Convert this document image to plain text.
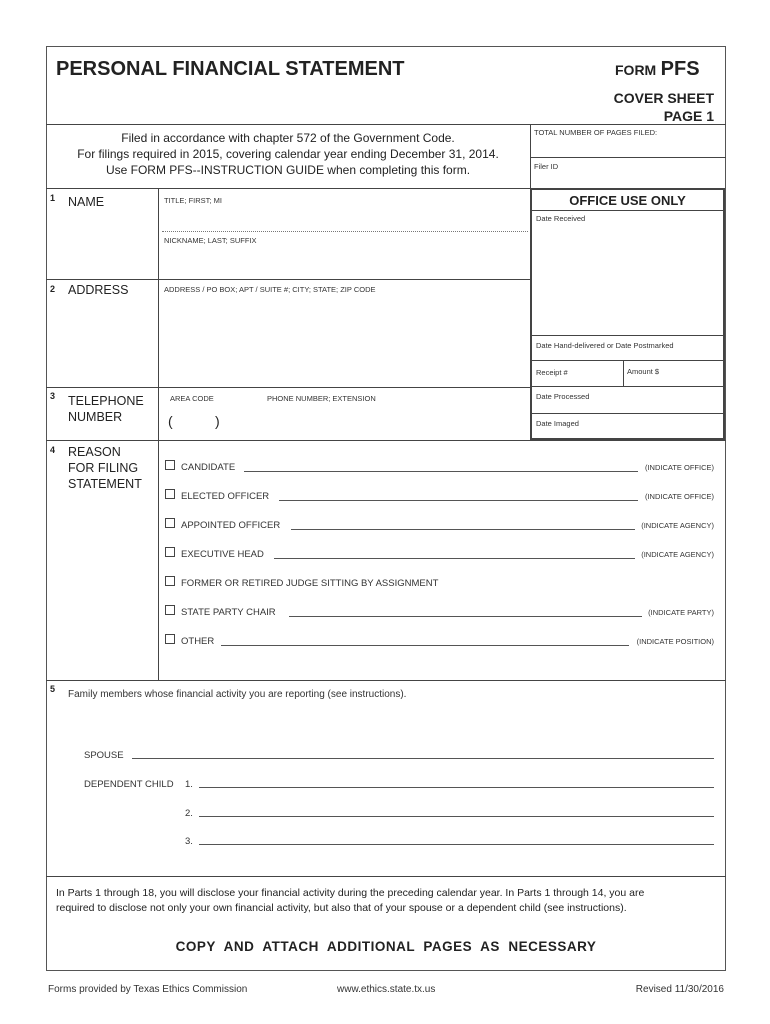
PERSONAL FINANCIAL STATEMENT	FORM PFS
COVER SHEET
PAGE 1
Filed in accordance with chapter 572 of the Government Code.
For filings required in 2015, covering calendar year ending December 31, 2014.
Use FORM PFS--INSTRUCTION GUIDE when completing this form.
TOTAL NUMBER OF PAGES FILED:
Filer ID
OFFICE USE ONLY
Date Received
Date Hand-delivered or Date Postmarked
Receipt #	Amount $
Date Processed
Date Imaged
1 NAME	TITLE; FIRST; MI
NICKNAME; LAST; SUFFIX
2 ADDRESS	ADDRESS / PO BOX; APT / SUITE #; CITY; STATE; ZIP CODE
3 TELEPHONE
NUMBER
AREA CODE	PHONE NUMBER; EXTENSION
(	)
4 REASON
FOR FILING
STATEMENT
CANDIDATE	(INDICATE OFFICE)
ELECTED OFFICER	(INDICATE OFFICE)
APPOINTED OFFICER	(INDICATE AGENCY)
EXECUTIVE HEAD	(INDICATE AGENCY)
FORMER OR RETIRED JUDGE SITTING BY ASSIGNMENT
STATE PARTY CHAIR	(INDICATE PARTY)
OTHER	(INDICATE POSITION)
5 Family members whose financial activity you are reporting (see instructions).
SPOUSE
DEPENDENT CHILD 1.
2.
3.
In Parts 1 through 18, you will disclose your financial activity during the preceding calendar year. In Parts 1 through 14, you are
required to disclose not only your own financial activity, but also that of your spouse or a dependent child (see instructions).
COPY  AND  ATTACH  ADDITIONAL  PAGES  AS  NECESSARY
Forms provided by Texas Ethics Commission	www.ethics.state.tx.us	Revised 11/30/2016
